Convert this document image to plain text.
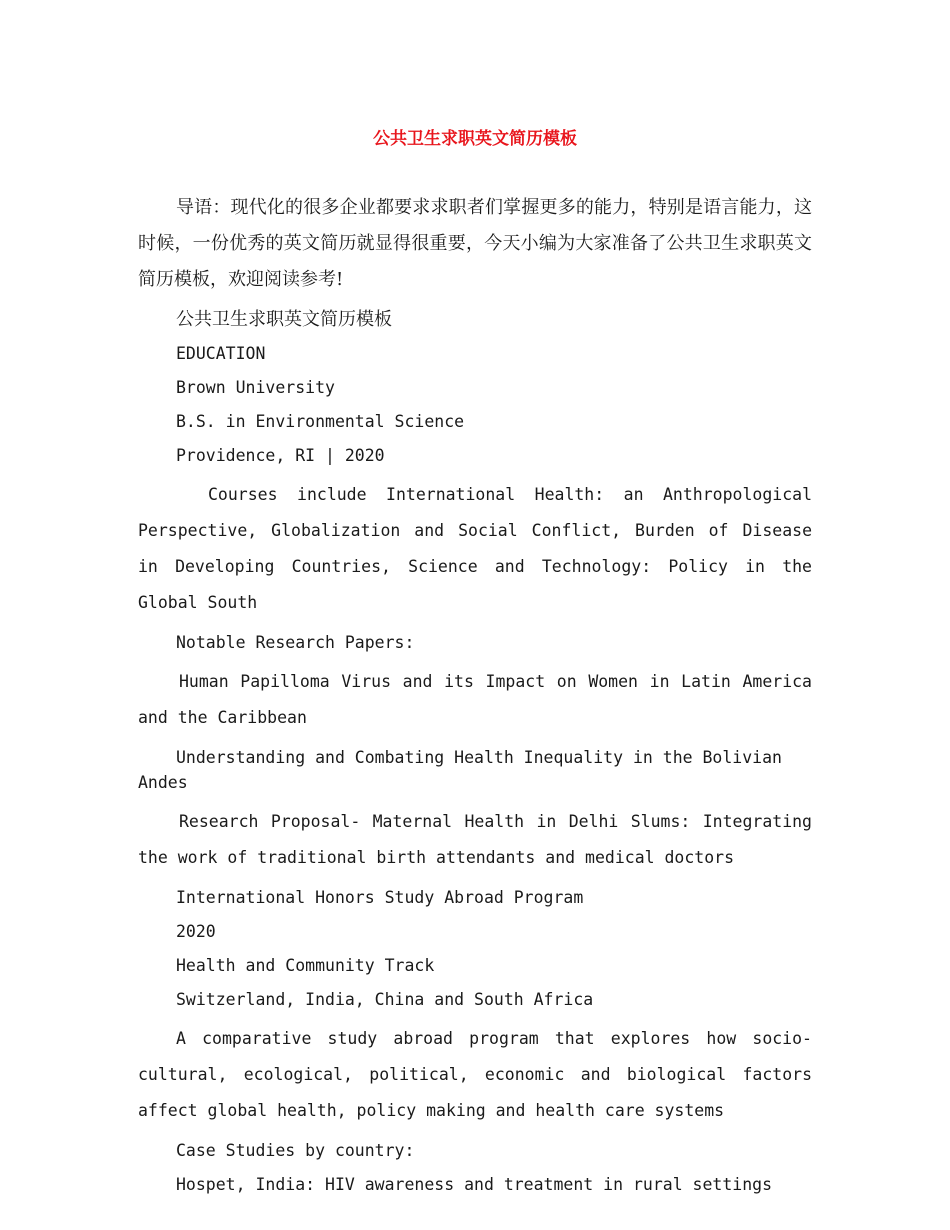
公共卫生求职英文简历模板

导语：现代化的很多企业都要求求职者们掌握更多的能力，特别是语言能力，这时候，一份优秀的英文简历就显得很重要，今天小编为大家准备了公共卫生求职英文简历模板，欢迎阅读参考!

公共卫生求职英文简历模板

EDUCATION

Brown University

B.S. in Environmental Science

Providence, RI | 2020

Courses include International Health: an Anthropological Perspective, Globalization and Social Conflict, Burden of Disease in Developing Countries, Science and Technology: Policy in the Global South

Notable Research Papers:

Human Papilloma Virus and its Impact on Women in Latin America and the Caribbean

Understanding and Combating Health Inequality in the Bolivian Andes

Research Proposal- Maternal Health in Delhi Slums: Integrating the work of traditional birth attendants and medical doctors

International Honors Study Abroad Program

2020

Health and Community Track

Switzerland, India, China and South Africa

A comparative study abroad program that explores how socio-cultural, ecological, political, economic and biological factors affect global health, policy making and health care systems

Case Studies by country:

Hospet, India: HIV awareness and treatment in rural settings
